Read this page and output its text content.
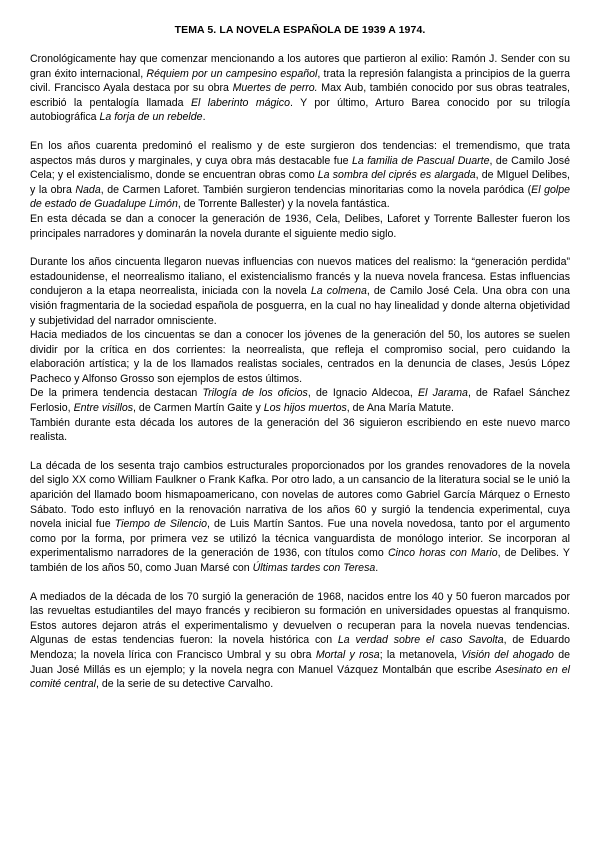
TEMA 5. LA NOVELA ESPAÑOLA DE 1939 A 1974.

Cronológicamente hay que comenzar mencionando a los autores que partieron al exilio: Ramón J. Sender con su gran éxito internacional, Réquiem por un campesino español, trata la represión falangista a principios de la guerra civil. Francisco Ayala destaca por su obra Muertes de perro. Max Aub, también conocido por sus obras teatrales, escribió la pentalogía llamada El laberinto mágico. Y por último, Arturo Barea conocido por su trilogía autobiográfica La forja de un rebelde.

En los años cuarenta predominó el realismo y de este surgieron dos tendencias: el tremendismo, que trata aspectos más duros y marginales, y cuya obra más destacable fue La familia de Pascual Duarte, de Camilo José Cela; y el existencialismo, donde se encuentran obras como La sombra del ciprés es alargada, de MIguel Delibes, y la obra Nada, de Carmen Laforet. También surgieron tendencias minoritarias como la novela paródica (El golpe de estado de Guadalupe Limón, de Torrente Ballester) y la novela fantástica.

En esta década se dan a conocer la generación de 1936, Cela, Delibes, Laforet y Torrente Ballester fueron los principales narradores y dominarán la novela durante el siguiente medio siglo.

Durante los años cincuenta llegaron nuevas influencias con nuevos matices del realismo: la “generación perdida” estadounidense, el neorrealismo italiano, el existencialismo francés y la nueva novela francesa. Estas influencias condujeron a la etapa neorrealista, iniciada con la novela La colmena, de Camilo José Cela. Una obra con una visión fragmentaria de la sociedad española de posguerra, en la cual no hay linealidad y donde alterna objetividad y subjetividad del narrador omnisciente.

Hacia mediados de los cincuentas se dan a conocer los jóvenes de la generación del 50, los autores se suelen dividir por la crítica en dos corrientes: la neorrealista, que refleja el compromiso social, pero cuidando la elaboración artística; y la de los llamados realistas sociales, centrados en la denuncia de clases, Jesús López Pacheco y Alfonso Grosso son ejemplos de estos últimos.

De la primera tendencia destacan Trilogía de los oficios, de Ignacio Aldecoa, El Jarama, de Rafael Sánchez Ferlosio, Entre visillos, de Carmen Martín Gaite y Los hijos muertos, de Ana María Matute.

También durante esta década los autores de la generación del 36 siguieron escribiendo en este nuevo marco realista.

La década de los sesenta trajo cambios estructurales proporcionados por los grandes renovadores de la novela del siglo XX como William Faulkner o Frank Kafka. Por otro lado, a un cansancio de la literatura social se le unió la aparición del llamado boom hismapoamericano, con novelas de autores como Gabriel García Márquez o Ernesto Sábato. Todo esto influyó en la renovación narrativa de los años 60 y surgió la tendencia experimental, cuya novela inicial fue Tiempo de Silencio, de Luis Martín Santos. Fue una novela novedosa, tanto por el argumento como por la forma, por primera vez se utilizó la técnica vanguardista de monólogo interior. Se incorporan al experimentalismo narradores de la generación de 1936, con títulos como Cinco horas con Mario, de Delibes. Y también de los años 50, como Juan Marsé con Últimas tardes con Teresa.

A mediados de la década de los 70 surgió la generación de 1968, nacidos entre los 40 y 50 fueron marcados por las revueltas estudiantiles del mayo francés y recibieron su formación en universidades opuestas al franquismo. Estos autores dejaron atrás el experimentalismo y devuelven o recuperan para la novela nuevas tendencias. Algunas de estas tendencias fueron: la novela histórica con La verdad sobre el caso Savolta, de Eduardo Mendoza; la novela lírica con Francisco Umbral y su obra Mortal y rosa; la metanovela, Visión del ahogado de Juan José Millás es un ejemplo; y la novela negra con Manuel Vázquez Montalbán que escribe Asesinato en el comité central, de la serie de su detective Carvalho.
